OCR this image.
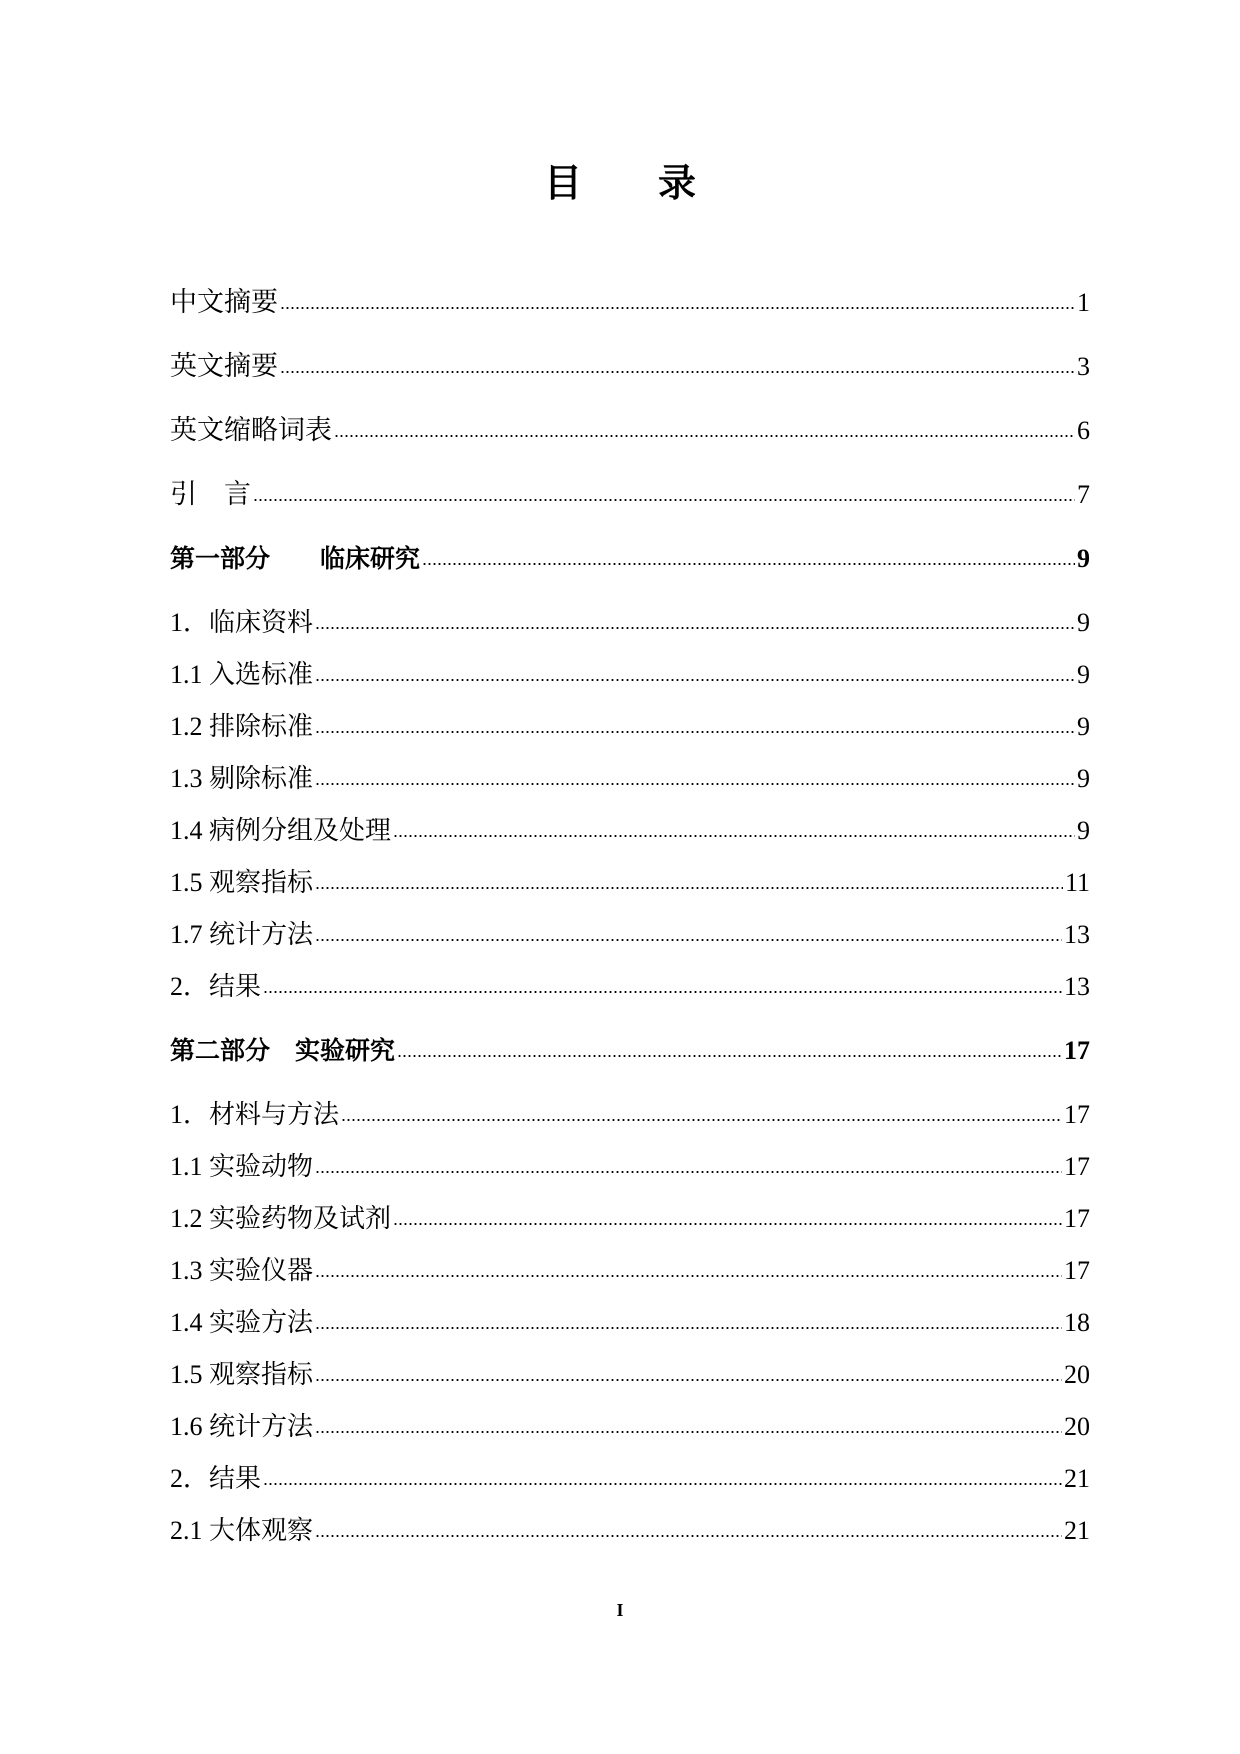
目　　录
中文摘要	1
英文摘要	3
英文缩略词表	6
引　言	7
第一部分　　临床研究	9
1．临床资料	9
1.1 入选标准	9
1.2 排除标准	9
1.3 剔除标准	9
1.4 病例分组及处理	9
1.5 观察指标	11
1.7 统计方法	13
2．结果	13
第二部分　实验研究	17
1．材料与方法	17
1.1 实验动物	17
1.2 实验药物及试剂	17
1.3 实验仪器	17
1.4 实验方法	18
1.5 观察指标	20
1.6 统计方法	20
2．结果	21
2.1 大体观察	21
I
